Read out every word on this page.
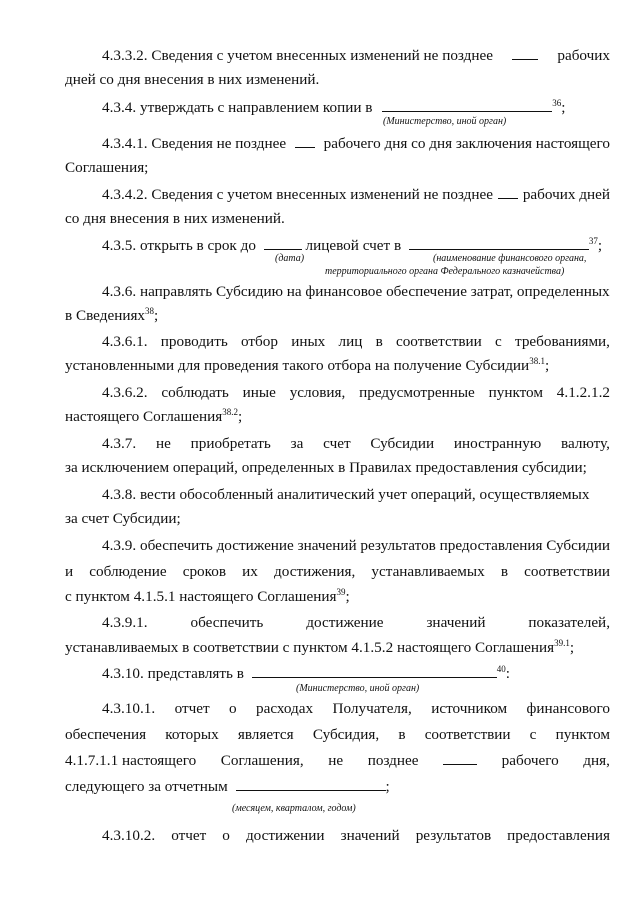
4.3.3.2. Сведения с учетом внесенных изменений не позднее	рабочих
дней со дня внесения в них изменений.
4.3.4. утверждать с направлением копии в	$^{36}$;
(Министерство, иной орган)
4.3.4.1. Сведения не позднее рабочего дня со дня заключения настоящего
Соглашения;
4.3.4.2. Сведения с учетом внесенных изменений не позднее рабочих дней
со дня внесения в них изменений.
4.3.5. открыть в срок до	лицевой счет в	$^{37}$;
(дата)	(наименование финансового органа,
территориального органа Федерального казначейства)
4.3.6. направлять Субсидию на финансовое обеспечение затрат, определенных
в Сведениях$^{38}$;
4.3.6.1. проводить отбор иных лиц в соответствии с требованиями,
установленными для проведения такого отбора на получение Субсидии$^{38.1}$;
4.3.6.2. соблюдать иные условия, предусмотренные пунктом 4.1.2.1.2
настоящего Соглашения$^{38.2}$;
4.3.7. не приобретать за счет Субсидии иностранную валюту,
за исключением операций, определенных в Правилах предоставления субсидии;
4.3.8. вести обособленный аналитический учет операций, осуществляемых
за счет Субсидии;
4.3.9. обеспечить достижение значений результатов предоставления Субсидии
и соблюдение сроков их достижения, устанавливаемых в соответствии
с пунктом 4.1.5.1 настоящего Соглашения$^{39}$;
4.3.9.1.	обеспечить	достижение	значений	показателей,
устанавливаемых в соответствии с пунктом 4.1.5.2 настоящего Соглашения$^{39.1}$;
4.3.10. представлять в	$^{40}$:
(Министерство, иной орган)
4.3.10.1. отчет о расходах Получателя, источником финансового
обеспечения которых является Субсидия, в соответствии с пунктом
4.1.7.1.1 настоящего Соглашения, не позднее	рабочего дня,
следующего за отчетным	;
(месяцем, кварталом, годом)
4.3.10.2. отчет о достижении значений результатов предоставления
